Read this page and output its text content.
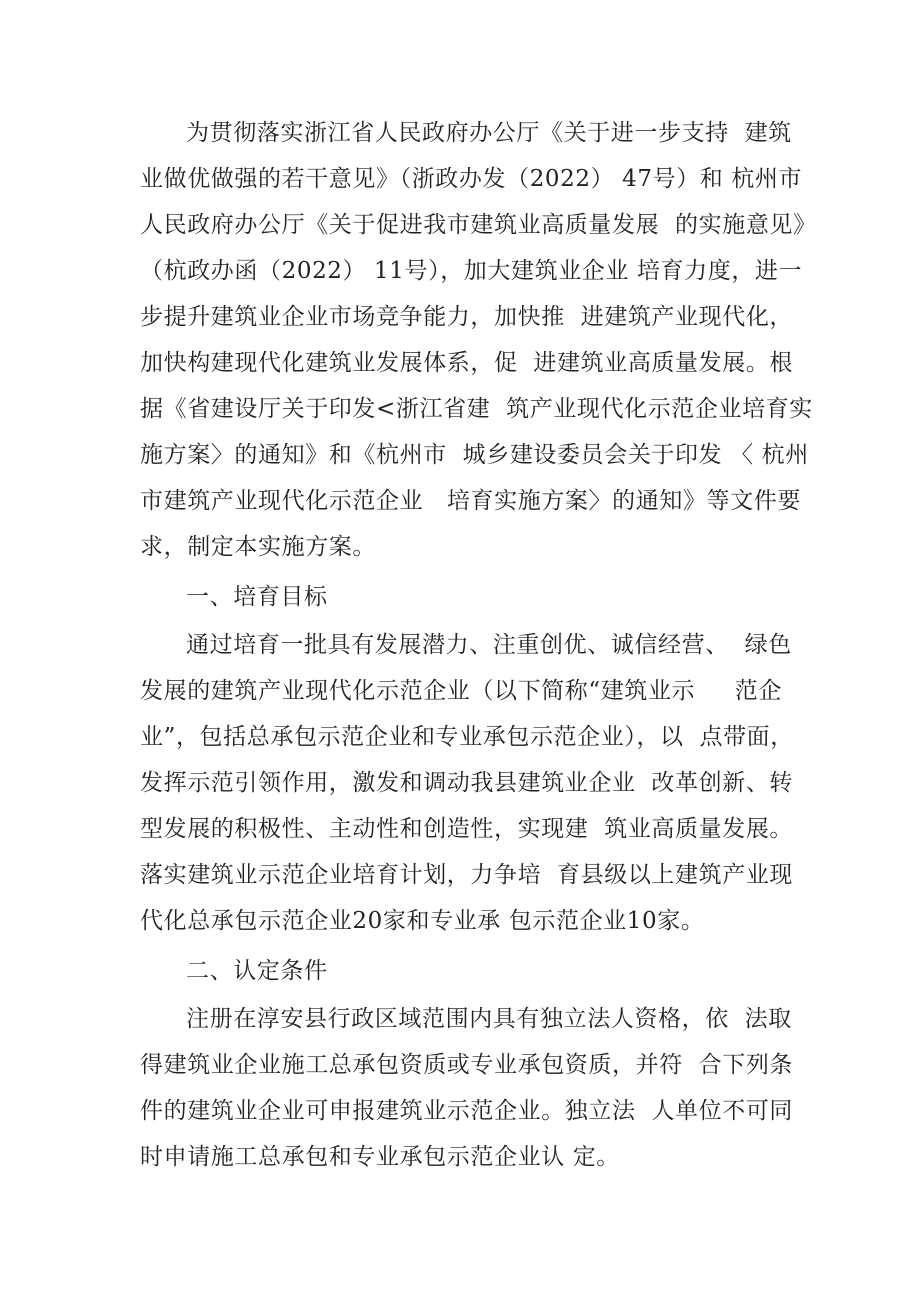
为贯彻落实浙江省人民政府办公厅《关于进一步支持  建筑
业做优做强的若干意见》（浙政办发（2022） 47号）和 杭州市
人民政府办公厅《关于促进我市建筑业高质量发展  的实施意见》
（杭政办函（2022） 11号），加大建筑业企业 培育力度，进一
步提升建筑业企业市场竞争能力，加快推  进建筑产业现代化，
加快构建现代化建筑业发展体系，促  进建筑业高质量发展。根
据《省建设厅关于印发<浙江省建  筑产业现代化示范企业培育实
施方案〉的通知》和《杭州市  城乡建设委员会关于印发 〈 杭州
市建筑产业现代化示范企业   培育实施方案〉的通知》等文件要
求，制定本实施方案。
一、培育目标
通过培育一批具有发展潜力、注重创优、诚信经营、  绿色
发展的建筑产业现代化示范企业（以下简称“建筑业示     范企
业”，包括总承包示范企业和专业承包示范企业），以  点带面，
发挥示范引领作用，激发和调动我县建筑业企业  改革创新、转
型发展的积极性、主动性和创造性，实现建  筑业高质量发展。
落实建筑业示范企业培育计划，力争培  育县级以上建筑产业现
代化总承包示范企业20家和专业承 包示范企业10家。
二、认定条件
注册在淳安县行政区域范围内具有独立法人资格，依  法取
得建筑业企业施工总承包资质或专业承包资质，并符  合下列条
件的建筑业企业可申报建筑业示范企业。独立法  人单位不可同
时申请施工总承包和专业承包示范企业认 定。
